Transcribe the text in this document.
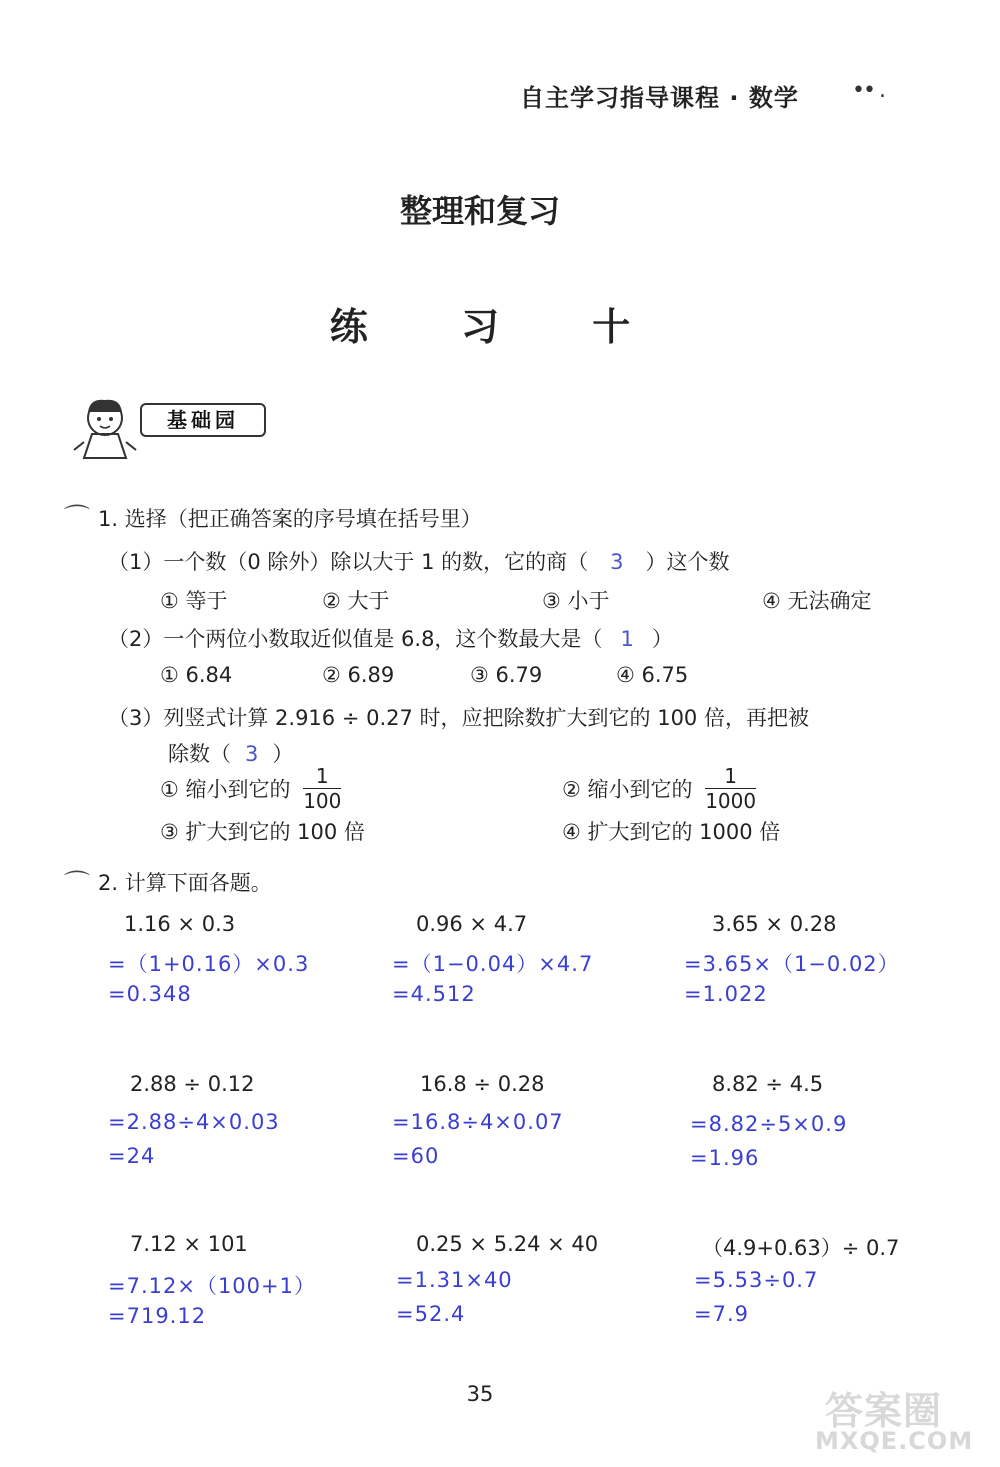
自主学习指导课程 · 数学 •• .
整理和复习
练 习 十
基础园
⌒ 1. 选择（把正确答案的序号填在括号里）
（1）一个数（0 除外）除以大于 1 的数，它的商（ 3 ）这个数
① 等于	② 大于	③ 小于	④ 无法确定
（2）一个两位小数取近似值是 6.8，这个数最大是（ 1 ）
① 6.84	② 6.89	③ 6.79	④ 6.75
（3）列竖式计算 2.916 ÷ 0.27 时，应把除数扩大到它的 100 倍，再把被
除数（ 3 ）
① 缩小到它的 $\frac{1}{100}$	② 缩小到它的 $\frac{1}{1000}$
③ 扩大到它的 100 倍	④ 扩大到它的 1000 倍
⌒ 2. 计算下面各题。
1.16 × 0.3
=（1+0.16）×0.3
=0.348
0.96 × 4.7
=（1−0.04）×4.7
=4.512
3.65 × 0.28
=3.65×（1−0.02）
=1.022
2.88 ÷ 0.12
=2.88÷4×0.03
=24
16.8 ÷ 0.28
=16.8÷4×0.07
=60
8.82 ÷ 4.5
=8.82÷5×0.9
=1.96
7.12 × 101
=7.12×（100+1）
=719.12
0.25 × 5.24 × 40
=1.31×40
=52.4
（4.9+0.63）÷ 0.7
=5.53÷0.7
=7.9
35	答案圈
MXQE.COM
